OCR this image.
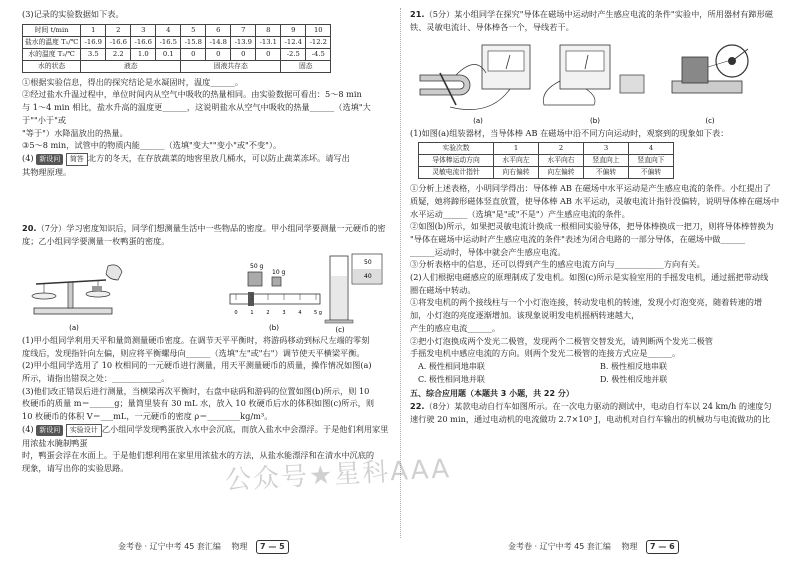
(3)记录的实验数据如下表。

时间 t/min	1	2	3	4	5	6	7	8	9	10
盐水的温度 T₁/℃	-16.9	-16.6	-16.6	-16.5	-15.8	-14.8	-13.9	-13.1	-12.4	-12.2
水的温度 T₂/℃	3.5	2.2	1.0	0.1	0	0	0	0	-2.5	-4.5
水的状态	液态				固液共存态				固态	

①根据实验信息，得出的探究结论是水凝固时，温度______。

②经过盐水升温过程中，单位时间内从空气中吸收的热量相同。由实验数据可看出：5～8 min

与 1～4 min 相比，盐水升高的温度更______，这说明盐水从空气中吸收的热量______（选填"大于""小于"或

"等于"）水降温放出的热量。

③5～8 min，试管中的物质内能______（选填"变大""变小"或"不变"）。

(4) 新设问 简答 北方的冬天，在存放蔬菜的地窖里放几桶水，可以防止蔬菜冻坏。请写出

其物理原理。

20.（7分）学习密度知识后，同学们想测量生活中一些物品的密度。甲小组同学要测量一元硬币的密度；乙小组同学要测量一枚鸭蛋的密度。

(a)
50 g
10 g
0	1	2	3	4 5 g
(b)
50
40
(c)

(1)甲小组同学利用天平和量筒测量硬币密度。在调节天平平衡时，将游码移动到标尺左端的零刻

度线后，发现指针向左偏，则应将平衡螺母向______（选填"左"或"右"）调节使天平横梁平衡。

(2)甲小组同学选用了 10 枚相同的一元硬币进行测量，用天平测量硬币的质量，操作情况如图(a)

所示，请指出错误之处：____________。

(3)他们改正错误后进行测量，当横梁再次平衡时，右盘中砝码和游码的位置如图(b)所示，则 10

枚硬币的质量 m＝______g；量筒里装有 30 mL 水，放入 10 枚硬币后水的体积如图(c)所示，则

10 枚硬币的体积 V＝___mL，一元硬币的密度 ρ＝________kg/m³。

(4) 新设问 实验设计 乙小组同学发现鸭蛋放入水中会沉底，而放入盐水中会漂浮。于是他们利用家里用浓盐水腌制鸭蛋

时，鸭蛋会浮在水面上。于是他们想利用在家里用浓盐水的方法，从盐水能漂浮和在清水中沉底的

现象，请写出你的实验思路。

金考卷 · 辽宁中考 45 套汇编 物理 7 — 5

21.（5分）某小组同学在探究"导体在磁场中运动时产生感应电流的条件"实验中，所用器材有蹄形磁铁、灵敏电流计、导体棒各一个，导线若干。

(a)	(b)	(c)

(1)如图(a)组装器材，当导体棒 AB 在磁场中沿不同方向运动时，观察到的现象如下表：

实验次数	1	2	3	4
导体棒运动方向	水平向左	水平向右	竖直向上	竖直向下
灵敏电流计指针	向右偏转	向左偏转	不偏转	不偏转

①分析上述表格，小明同学得出：导体棒 AB 在磁场中水平运动是产生感应电流的条件。小红提出了

质疑，她将蹄形磁体竖直放置，使导体棒 AB 水平运动，灵敏电流计指针没偏转，说明导体棒在磁场中

水平运动______（选填"是"或"不是"）产生感应电流的条件。

②如图(b)所示，如果把灵敏电流计换成一根相同实验导体，把导体棒换成一把刀，则将导体棒替换为

"导体在磁场中运动时产生感应电流的条件"表述为闭合电路的一部分导体，在磁场中做______

______运动时，导体中就会产生感应电流。

③分析表格中的信息，还可以得到产生的感应电流方向与____________方向有关。

(2)人们根据电磁感应的原理制成了发电机。如图(c)所示是实验室用的手摇发电机，通过摇把带动线

圈在磁场中转动。

①将发电机的两个接线柱与一个小灯泡连接，转动发电机的转速，发现小灯泡变亮，随着转速的增

加，小灯泡的亮度逐渐增加。该现象说明发电机摇柄转速越大，

产生的感应电流______。

②把小灯泡换成两个发光二极管，发现两个二极管交替发光，请判断两个发光二极管

手摇发电机中感应电流的方向。则两个发光二极管的连接方式应是______。

A. 极性相同地串联	B. 极性相反地串联
C. 极性相同地并联	D. 极性相反地并联

五、综合应用题（本题共 3 小题，共 22 分）

22.（8分）某款电动自行车如图所示。在一次电力驱动的测试中，电动自行车以 24 km/h 的速度匀

速行驶 20 min，通过电动机的电流做功 2.7×10⁵ J，电动机对自行车输出的机械功与电流做功的比

金考卷 · 辽宁中考 45 套汇编 物理 7 — 6
公众号★星科AAA
